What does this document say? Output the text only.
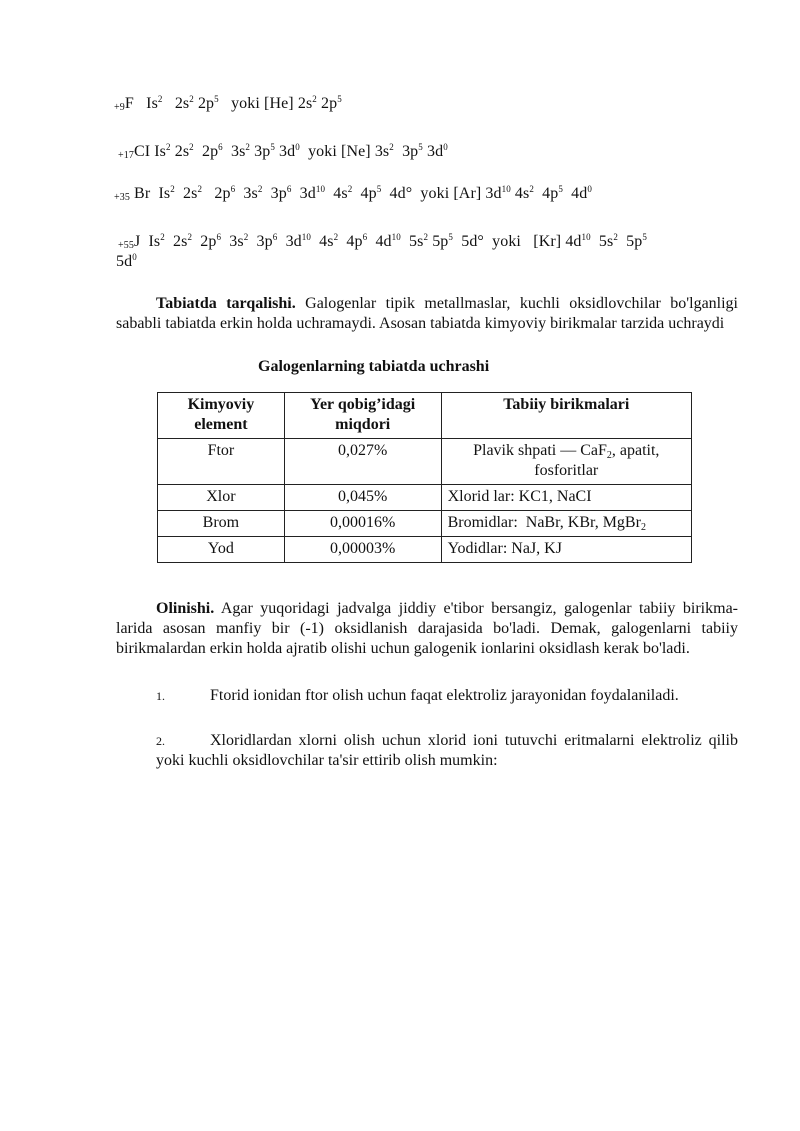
+9F   Is$^2$   $2s^2$ $2p^5$   yoki [He] $2s^2$ $2p^5$
+17CI Is$^2$ $2s^2$  $2p^6$  $3s^2$ $3p^5$ $3d^0$  yoki [Ne] $3s^2$  $3p^5$ $3d^0$
+35 Br  Is$^2$  $2s^2$   $2p^6$  $3s^2$  $3p^6$  $3d^{10}$  $4s^2$  $4p^5$  4d°  yoki [Ar] $3d^{10}$ $4s^2$  $4p^5$  $4d^0$
+55J  Is$^2$  $2s^2$  $2p^6$  $3s^2$  $3p^6$  $3d^{10}$  $4s^2$  $4p^6$  $4d^{10}$  $5s^2$ $5p^5$  5d°  yoki   [Kr] $4d^{10}$  $5s^2$  $5p^5$
$5d^0$
Tabiatda tarqalishi. Galogenlar tipik metallmaslar, kuchli oksidlovchilar bo'lganligi sababli tabiatda erkin holda uchramaydi. Asosan tabiatda kimyoviy birikmalar tarzida uchraydi
Galogenlarning tabiatda uchrashi
Kimyoviy element	Yer qobig’idagi miqdori	Tabiiy birikmalari
Ftor	0,027%	Plavik shpati — CaF$_2$, apatit, fosforitlar
Xlor	0,045%	Xlorid lar: KC1, NaCI
Brom	0,00016%	Bromidlar:  NaBr, KBr, MgBr$_2$
Yod	0,00003%	Yodidlar: NaJ, KJ
Olinishi. Agar yuqoridagi jadvalga jiddiy e'tibor bersangiz, galogenlar tabiiy birikma- larida asosan manfiy bir (-1) oksidlanish darajasida bo'ladi. Demak, galogenlarni tabiiy birikmalardan erkin holda ajratib olishi uchun galogenik ionlarini oksidlash kerak bo'ladi.
1.	Ftorid ionidan ftor olish uchun faqat elektroliz jarayonidan foydalaniladi.
2.	Xloridlardan xlorni olish uchun xlorid ioni tutuvchi eritmalarni elektroliz qilib yoki kuchli oksidlovchilar ta'sir ettirib olish mumkin:
